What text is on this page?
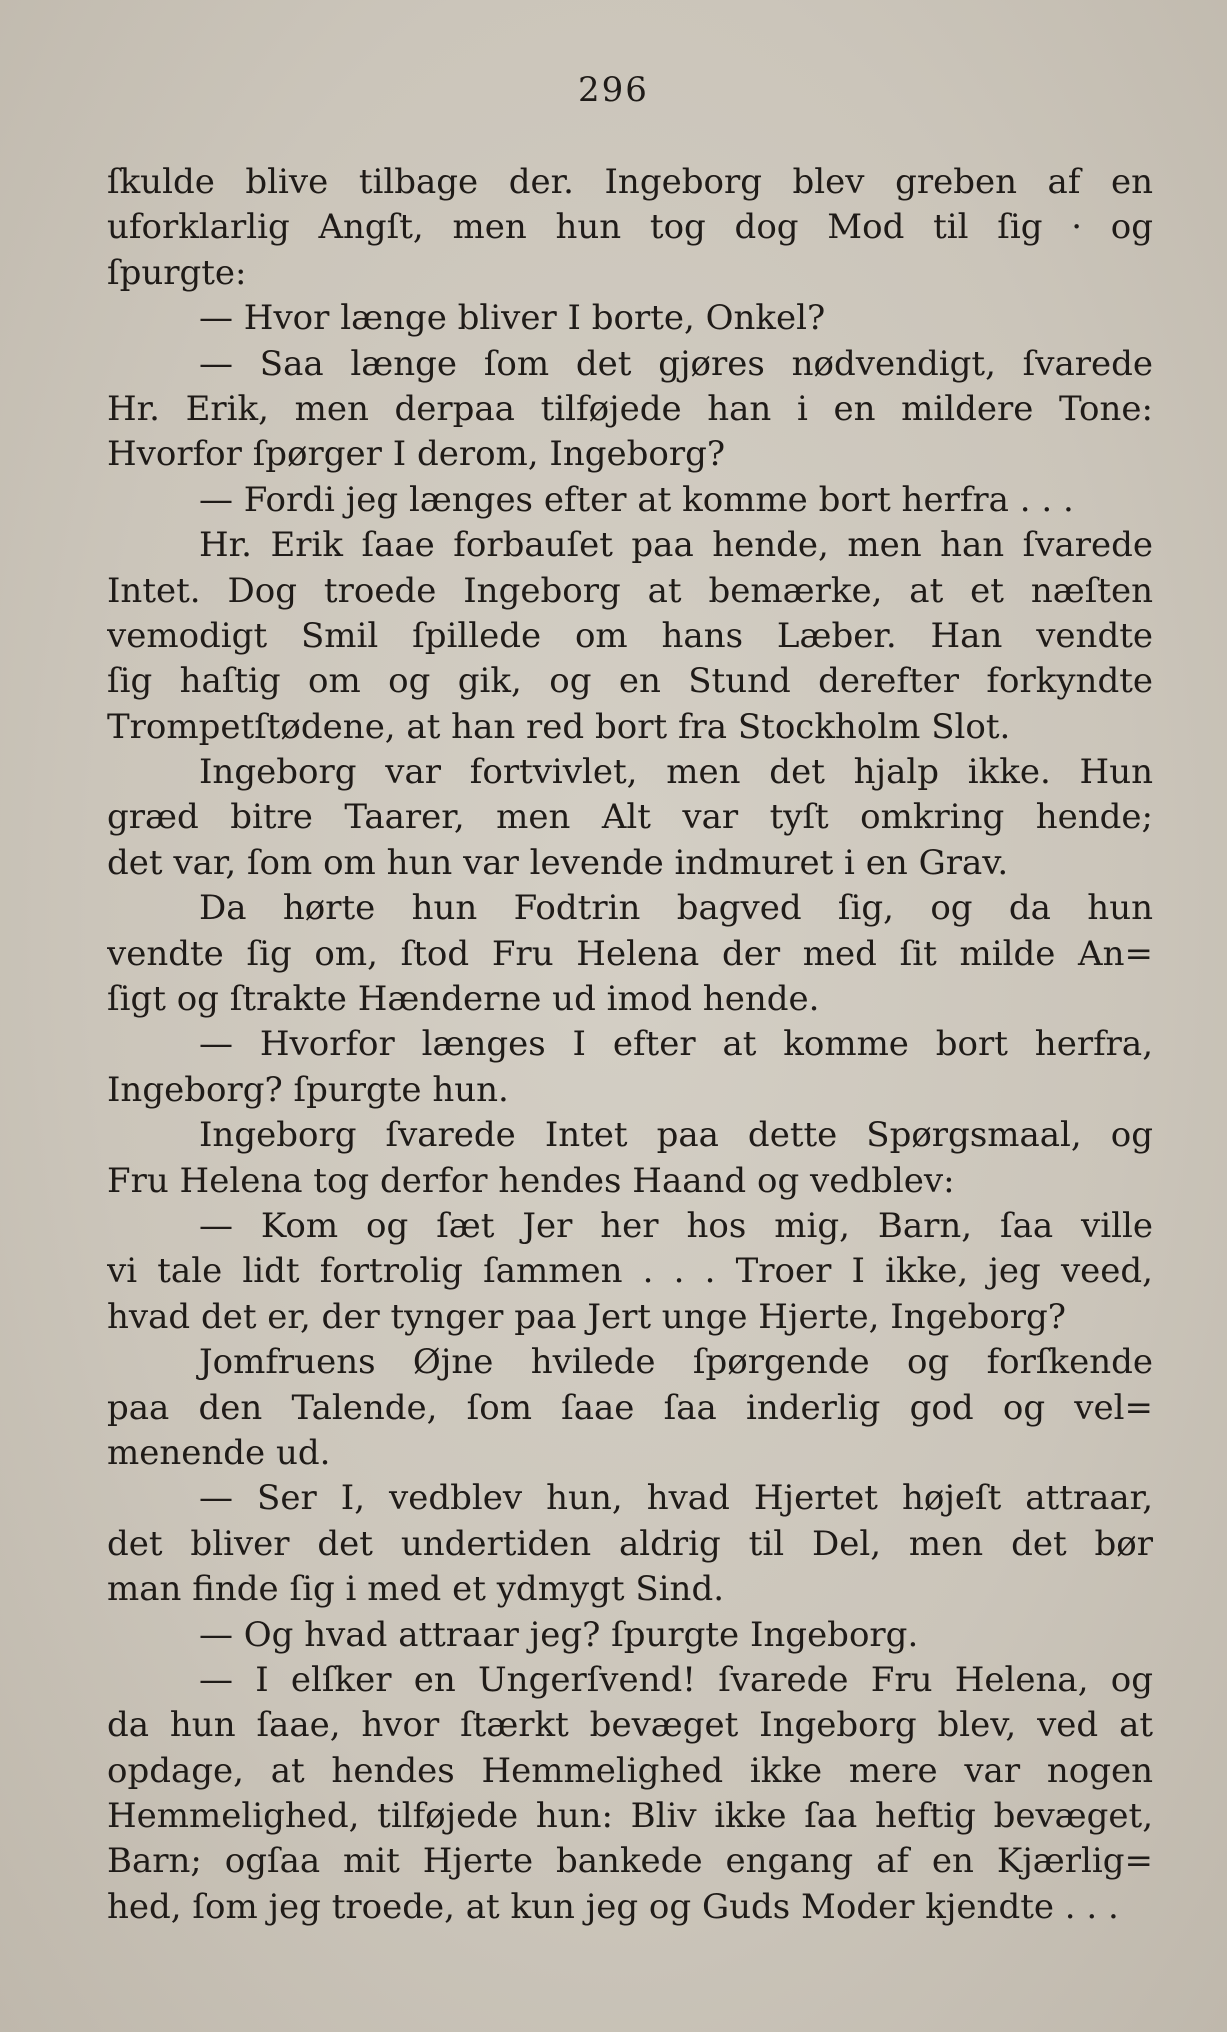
296
ſkulde blive tilbage der. Ingeborg blev greben af en
uforklarlig Angſt, men hun tog dog Mod til ſig · og
ſpurgte:
— Hvor længe bliver I borte, Onkel?
— Saa længe ſom det gjøres nødvendigt, ſvarede
Hr. Erik, men derpaa tilføjede han i en mildere Tone:
Hvorfor ſpørger I derom, Ingeborg?
— Fordi jeg længes efter at komme bort herfra . . .
Hr. Erik ſaae forbauſet paa hende, men han ſvarede
Intet. Dog troede Ingeborg at bemærke, at et næſten
vemodigt Smil ſpillede om hans Læber. Han vendte
ſig haſtig om og gik, og en Stund derefter forkyndte
Trompetſtødene, at han red bort fra Stockholm Slot.
Ingeborg var fortvivlet, men det hjalp ikke. Hun
græd bitre Taarer, men Alt var tyſt omkring hende;
det var, ſom om hun var levende indmuret i en Grav.
Da hørte hun Fodtrin bagved ſig, og da hun
vendte ſig om, ſtod Fru Helena der med ſit milde An=
ſigt og ſtrakte Hænderne ud imod hende.
— Hvorfor længes I efter at komme bort herfra,
Ingeborg? ſpurgte hun.
Ingeborg ſvarede Intet paa dette Spørgsmaal, og
Fru Helena tog derfor hendes Haand og vedblev:
— Kom og ſæt Jer her hos mig, Barn, ſaa ville
vi tale lidt fortrolig ſammen . . . Troer I ikke, jeg veed,
hvad det er, der tynger paa Jert unge Hjerte, Ingeborg?
Jomfruens Øjne hvilede ſpørgende og forſkende
paa den Talende, ſom ſaae ſaa inderlig god og vel=
menende ud.
— Ser I, vedblev hun, hvad Hjertet højeſt attraar,
det bliver det undertiden aldrig til Del, men det bør
man finde ſig i med et ydmygt Sind.
— Og hvad attraar jeg? ſpurgte Ingeborg.
— I elſker en Ungerſvend! ſvarede Fru Helena, og
da hun ſaae, hvor ſtærkt bevæget Ingeborg blev, ved at
opdage, at hendes Hemmelighed ikke mere var nogen
Hemmelighed, tilføjede hun: Bliv ikke ſaa heftig bevæget,
Barn; ogſaa mit Hjerte bankede engang af en Kjærlig=
hed, ſom jeg troede, at kun jeg og Guds Moder kjendte . . .
